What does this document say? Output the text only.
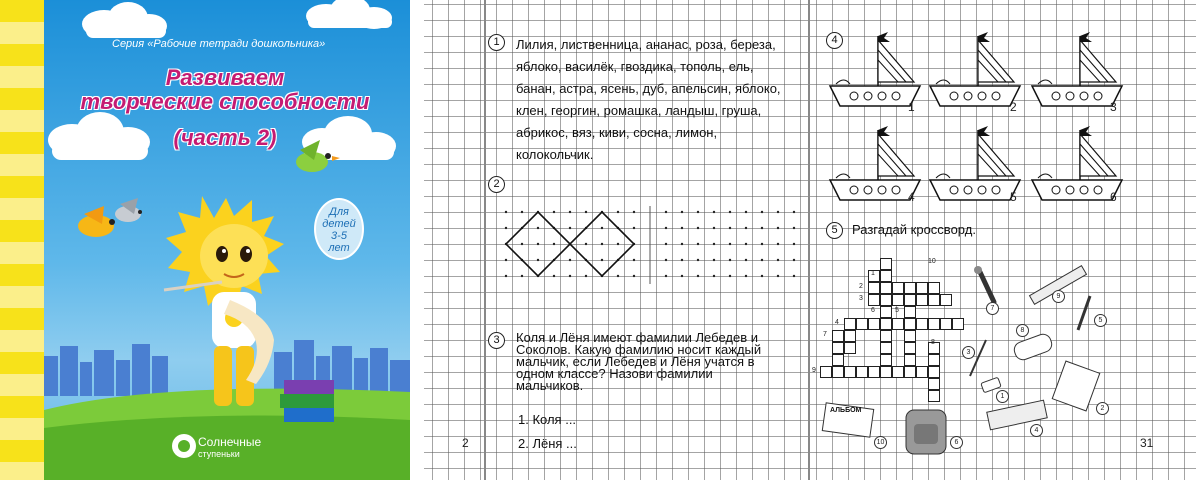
Серия «Рабочие тетради дошкольника»
Развиваем
творческие способности
(часть 2)
Для
детей
3-5
лет
Солнечные
ступеньки
1	Лилия, лиственница, ананас, роза, береза,
яблоко, василёк, гвоздика, тополь, ель,
банан, астра, ясень, дуб, апельсин, яблоко,
клен, георгин, ромашка, ландыш, груша,
абрикос, вяз, киви, сосна, лимон,
колокольчик.
2
3	Коля и Лёня имеют фамилии Лебедев и
Соколов. Какую фамилию носит каждый
мальчик, если Лебедев и Лёня учатся в
одном классе? Назови фамилии
мальчиков.
1. Коля ...
2. Лёня ...
2
4
1	2	3
4	5	6
5	Разгадай кроссворд.
1
2
3
4
5
6
7
8
9
10
АЛЬБОМ
7
9
5
8
3
1
2
4
10	6	31
